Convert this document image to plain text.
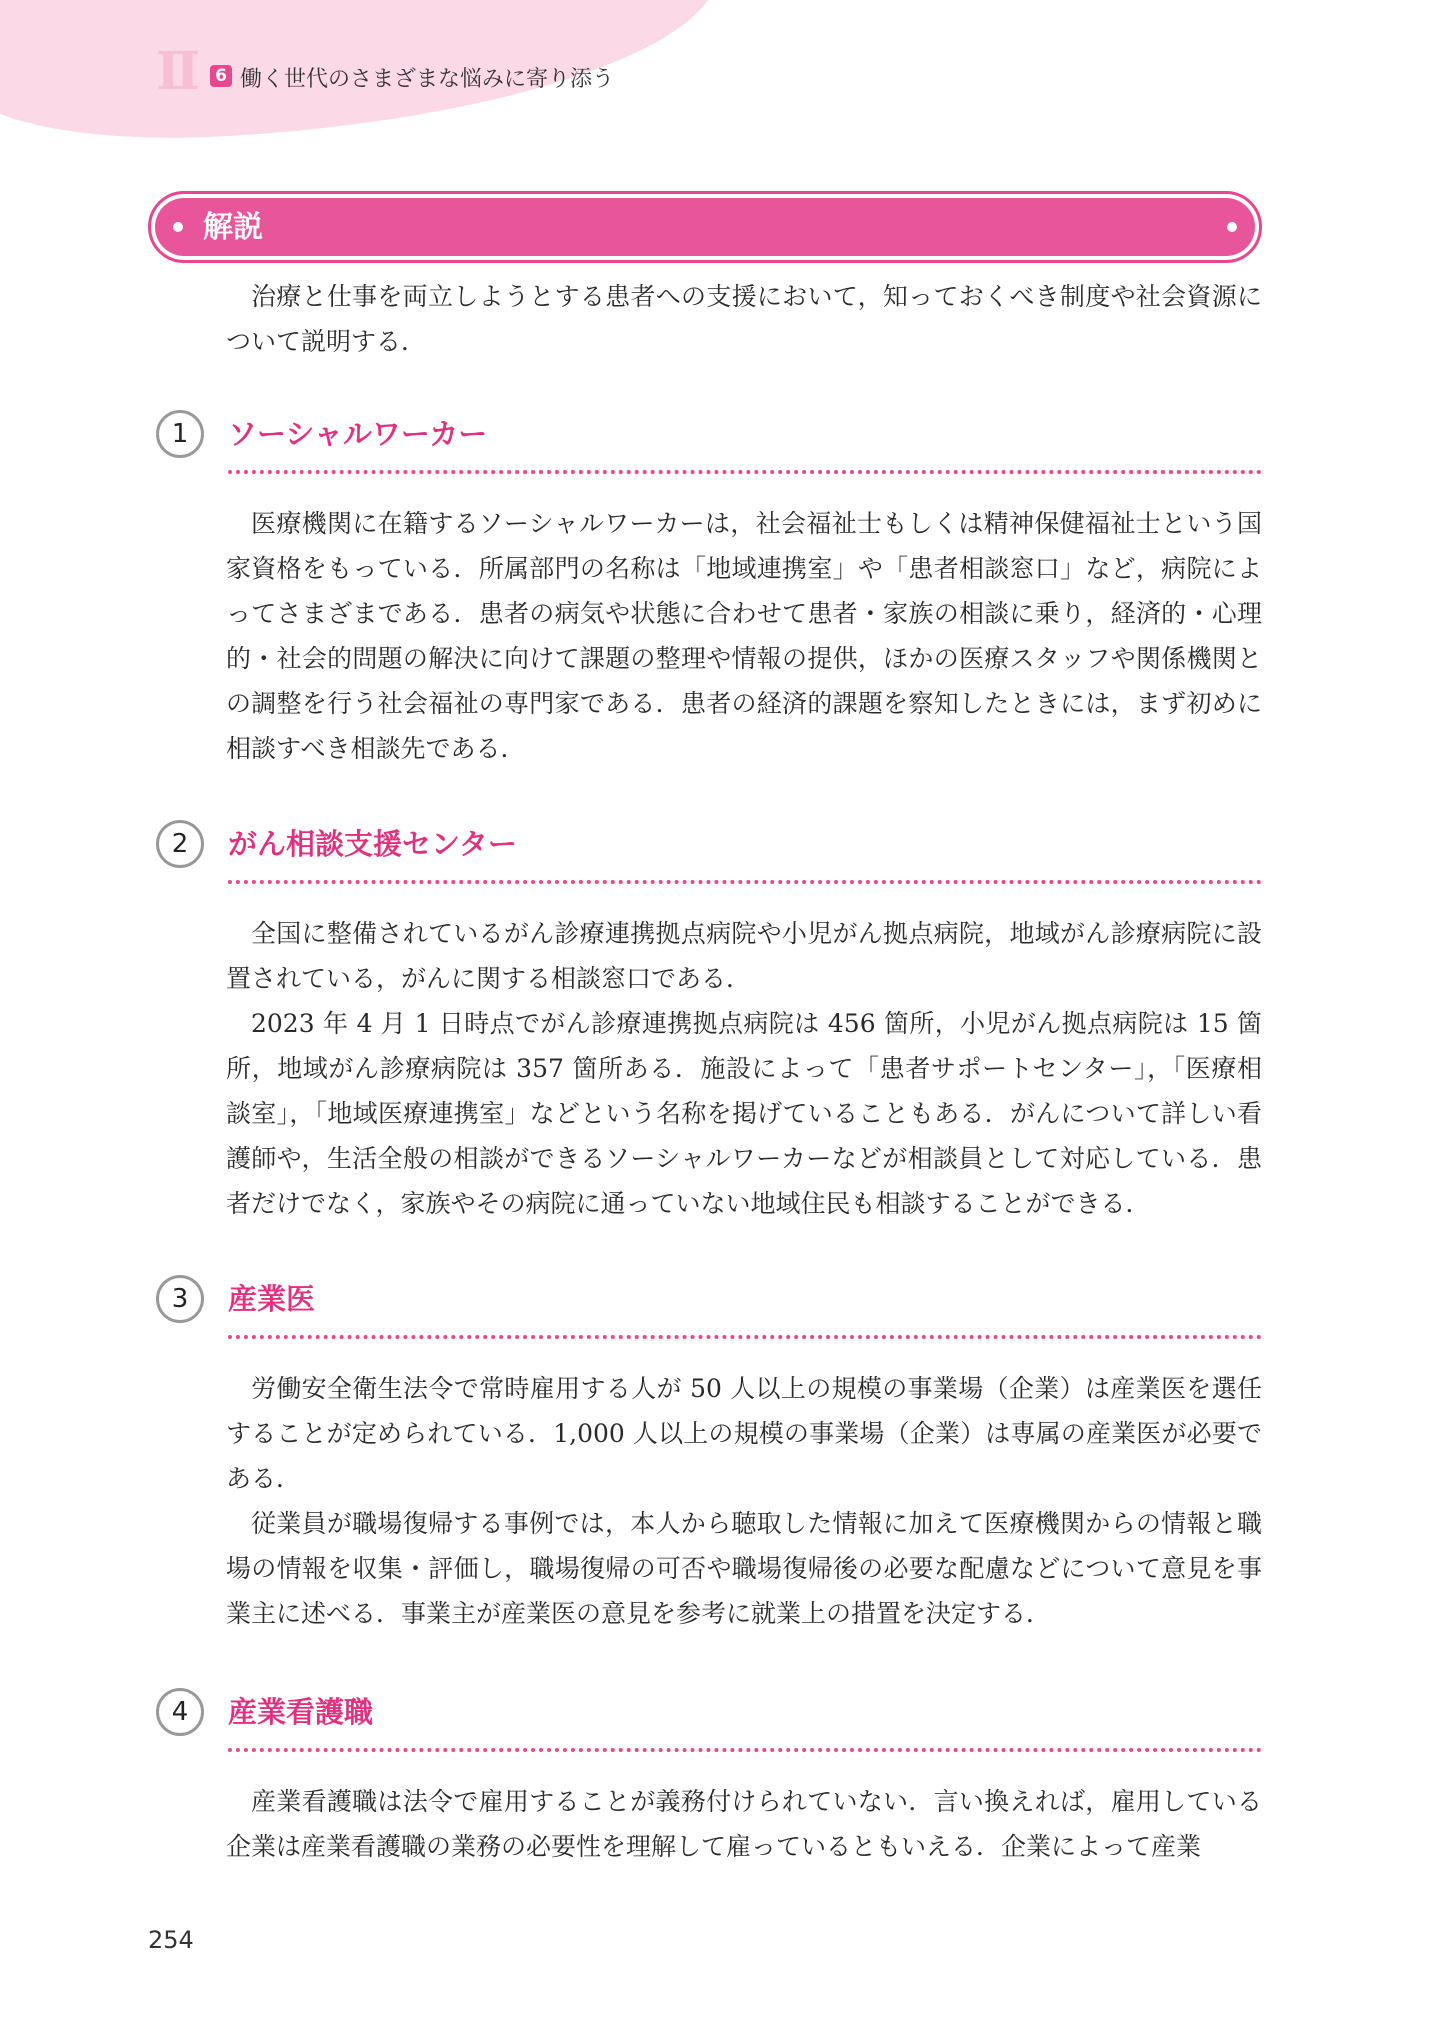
Ⅱ 6 働く世代のさまざまな悩みに寄り添う
解説

治療と仕事を両立しようとする患者への支援において，知っておくべき制度や社会資源について説明する．

1	ソーシャルワーカー

医療機関に在籍するソーシャルワーカーは，社会福祉士もしくは精神保健福祉士という国家資格をもっている．所属部門の名称は「地域連携室」や「患者相談窓口」など，病院によってさまざまである．患者の病気や状態に合わせて患者・家族の相談に乗り，経済的・心理的・社会的問題の解決に向けて課題の整理や情報の提供，ほかの医療スタッフや関係機関との調整を行う社会福祉の専門家である．患者の経済的課題を察知したときには，まず初めに相談すべき相談先である．

2	がん相談支援センター

全国に整備されているがん診療連携拠点病院や小児がん拠点病院，地域がん診療病院に設置されている，がんに関する相談窓口である．

2023 年 4 月 1 日時点でがん診療連携拠点病院は 456 箇所，小児がん拠点病院は 15 箇所，地域がん診療病院は 357 箇所ある．施設によって「患者サポートセンター」，「医療相談室」，「地域医療連携室」などという名称を掲げていることもある．がんについて詳しい看護師や，生活全般の相談ができるソーシャルワーカーなどが相談員として対応している．患者だけでなく，家族やその病院に通っていない地域住民も相談することができる．

3	産業医

労働安全衛生法令で常時雇用する人が 50 人以上の規模の事業場（企業）は産業医を選任することが定められている．1,000 人以上の規模の事業場（企業）は専属の産業医が必要である．

従業員が職場復帰する事例では，本人から聴取した情報に加えて医療機関からの情報と職場の情報を収集・評価し，職場復帰の可否や職場復帰後の必要な配慮などについて意見を事業主に述べる．事業主が産業医の意見を参考に就業上の措置を決定する．

4	産業看護職

産業看護職は法令で雇用することが義務付けられていない．言い換えれば，雇用している企業は産業看護職の業務の必要性を理解して雇っているともいえる．企業によって産業

254
